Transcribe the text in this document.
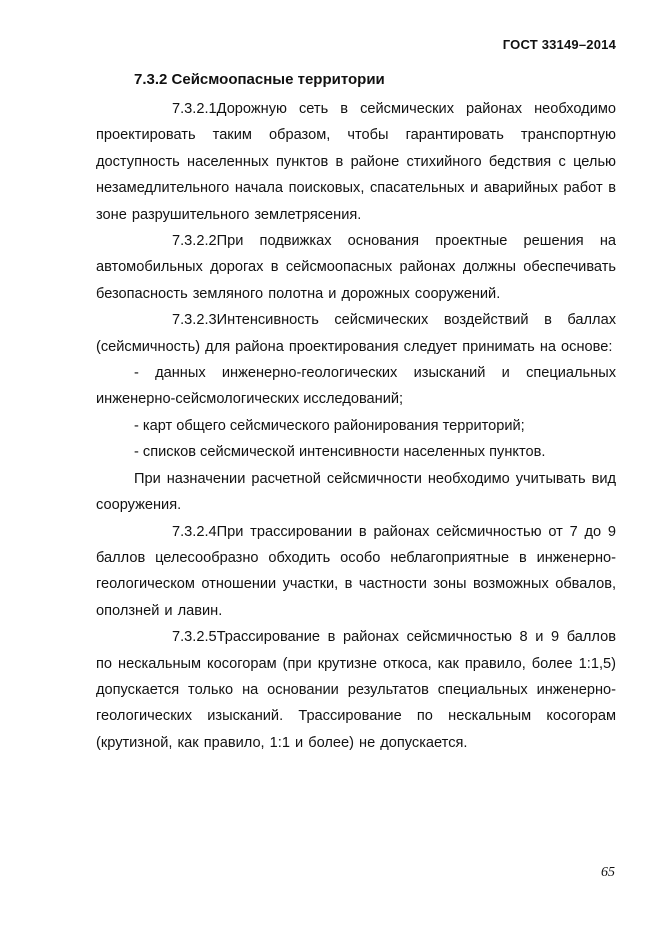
ГОСТ 33149–2014

7.3.2 Сейсмоопасные территории

7.3.2.1Дорожную сеть в сейсмических районах необходимо проектировать таким образом, чтобы гарантировать транспортную доступность населенных пунктов в районе стихийного бедствия с целью незамедлительного начала поисковых, спасательных и аварийных работ в зоне разрушительного землетрясения.

7.3.2.2При подвижках основания проектные решения на автомобильных дорогах в сейсмоопасных районах должны обеспечивать безопасность земляного полотна и дорожных сооружений.

7.3.2.3Интенсивность сейсмических воздействий в баллах (сейсмичность) для района проектирования следует принимать на основе:

- данных инженерно-геологических изысканий и специальных инженерно-сейсмологических исследований;

- карт общего сейсмического районирования территорий;

- списков сейсмической интенсивности населенных пунктов.

При назначении расчетной сейсмичности необходимо учитывать вид сооружения.

7.3.2.4При трассировании в районах сейсмичностью от 7 до 9 баллов целесообразно обходить особо неблагоприятные в инженерно-геологическом отношении участки, в частности зоны возможных обвалов, оползней и лавин.

7.3.2.5Трассирование в районах сейсмичностью 8 и 9 баллов по нескальным косогорам (при крутизне откоса, как правило, более 1:1,5) допускается только на основании результатов специальных инженерно-геологических изысканий. Трассирование по нескальным косогорам (крутизной, как правило, 1:1 и более) не допускается.

65
